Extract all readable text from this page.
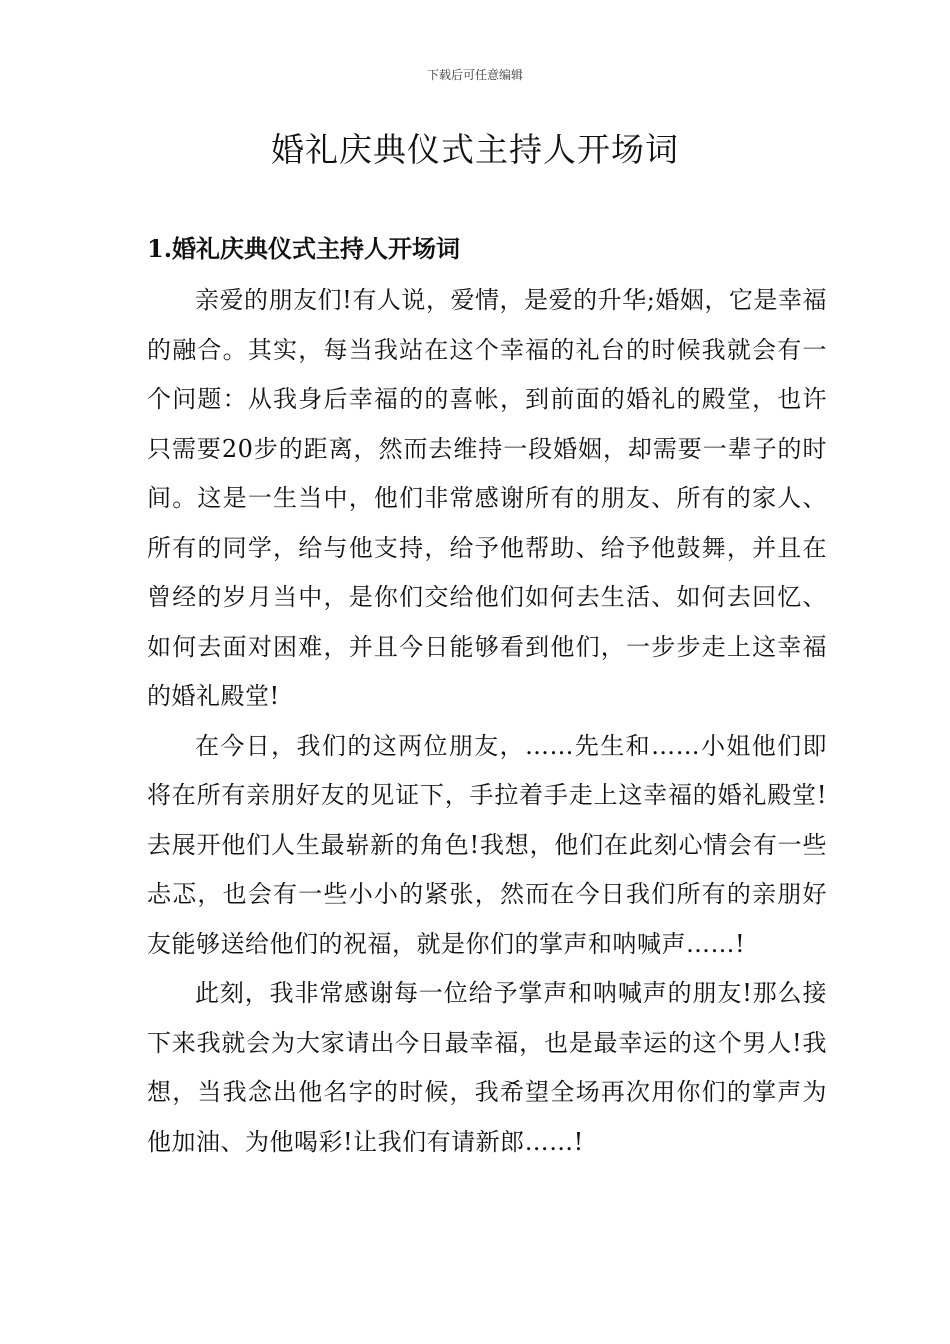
下载后可任意编辑
婚礼庆典仪式主持人开场词
1.婚礼庆典仪式主持人开场词

亲爱的朋友们!有人说，爱情，是爱的升华;婚姻，它是幸福的融合。其实，每当我站在这个幸福的礼台的时候我就会有一个问题：从我身后幸福的的喜帐，到前面的婚礼的殿堂，也许只需要20步的距离，然而去维持一段婚姻，却需要一辈子的时间。这是一生当中，他们非常感谢所有的朋友、所有的家人、所有的同学，给与他支持，给予他帮助、给予他鼓舞，并且在曾经的岁月当中，是你们交给他们如何去生活、如何去回忆、如何去面对困难，并且今日能够看到他们，一步步走上这幸福的婚礼殿堂!

在今日，我们的这两位朋友，……先生和……小姐他们即将在所有亲朋好友的见证下，手拉着手走上这幸福的婚礼殿堂!去展开他们人生最崭新的角色!我想，他们在此刻心情会有一些忐忑，也会有一些小小的紧张，然而在今日我们所有的亲朋好友能够送给他们的祝福，就是你们的掌声和呐喊声……!

此刻，我非常感谢每一位给予掌声和呐喊声的朋友!那么接下来我就会为大家请出今日最幸福，也是最幸运的这个男人!我想，当我念出他名字的时候，我希望全场再次用你们的掌声为他加油、为他喝彩!让我们有请新郎……!
